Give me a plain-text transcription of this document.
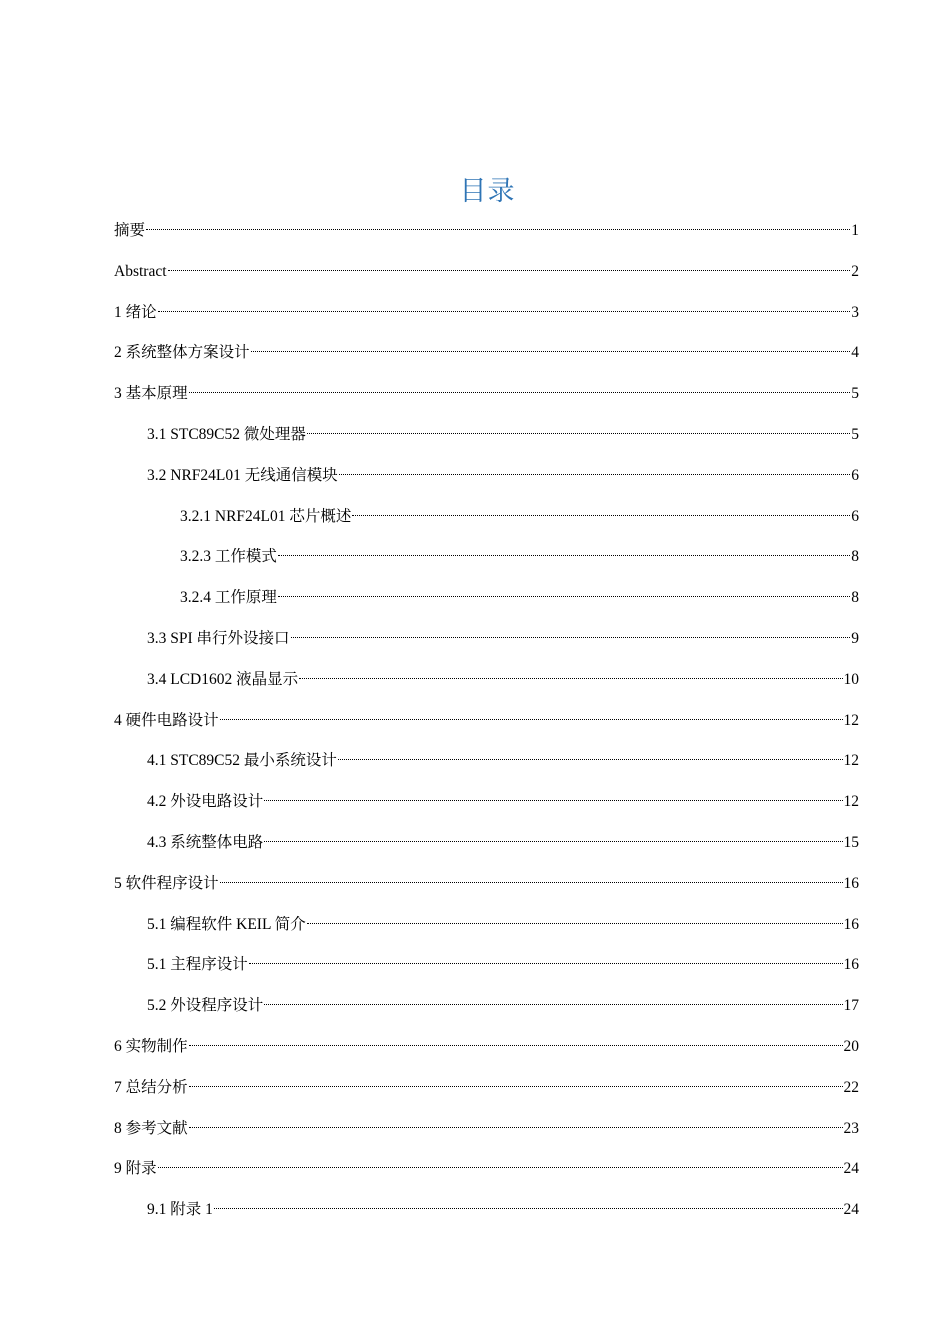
目录
摘要	1
Abstract	2
1 绪论	3
2 系统整体方案设计	4
3 基本原理	5
3.1 STC89C52 微处理器	5
3.2 NRF24L01 无线通信模块	6
3.2.1 NRF24L01 芯片概述	6
3.2.3 工作模式	8
3.2.4 工作原理	8
3.3 SPI 串行外设接口	9
3.4 LCD1602 液晶显示	10
4 硬件电路设计	12
4.1 STC89C52 最小系统设计	12
4.2 外设电路设计	12
4.3 系统整体电路	15
5 软件程序设计	16
5.1 编程软件 KEIL 简介	16
5.1 主程序设计	16
5.2 外设程序设计	17
6 实物制作	20
7 总结分析	22
8 参考文献	23
9 附录	24
9.1 附录 1	24
